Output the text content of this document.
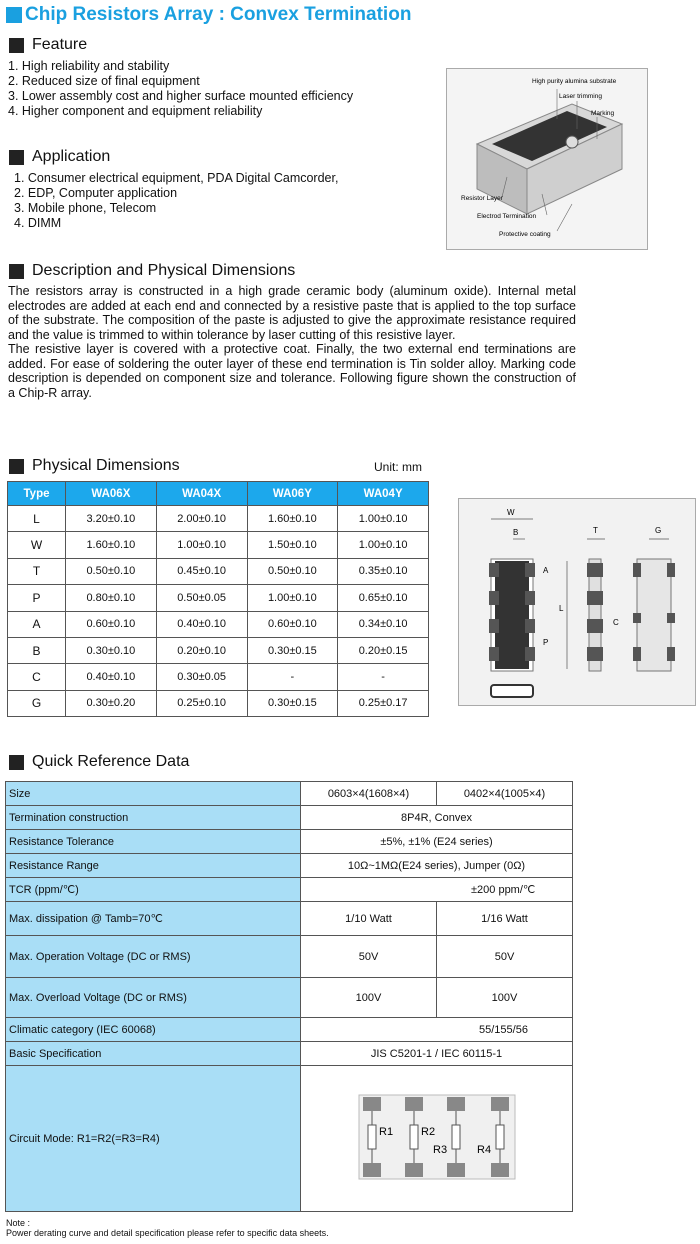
Chip Resistors Array : Convex Termination
Feature
1. High reliability and stability
2. Reduced size of final equipment
3. Lower assembly cost and higher surface mounted efficiency
4. Higher component and equipment reliability
High purity alumina substrate
Laser trimming
Marking
Resistor Layer
Electrod Termination
Protective coating
Application
1. Consumer electrical equipment, PDA Digital Camcorder,
2. EDP, Computer application
3. Mobile phone, Telecom
4. DIMM
Description and Physical Dimensions
The resistors array is constructed in a high grade ceramic body (aluminum oxide). Internal metal electrodes are added at each end and connected by a resistive paste that is applied to the top surface of the substrate. The composition of the paste is adjusted to give the approximate resistance required and the value is trimmed to within tolerance by laser cutting of this resistive layer.
The resistive layer is covered with a protective coat. Finally, the two external end terminations are added. For ease of soldering the outer layer of these end termination is Tin solder alloy. Marking code description is depended on component size and tolerance. Following figure shown the construction of a Chip-R array.
Physical Dimensions	Unit: mm
Type	WA06X	WA04X	WA06Y	WA04Y
L	3.20±0.10	2.00±0.10	1.60±0.10	1.00±0.10
W	1.60±0.10	1.00±0.10	1.50±0.10	1.00±0.10
T	0.50±0.10	0.45±0.10	0.50±0.10	0.35±0.10
P	0.80±0.10	0.50±0.05	1.00±0.10	0.65±0.10
A	0.60±0.10	0.40±0.10	0.60±0.10	0.34±0.10
B	0.30±0.10	0.20±0.10	0.30±0.15	0.20±0.15
C	0.40±0.10	0.30±0.05	-	-
G	0.30±0.20	0.25±0.10	0.30±0.15	0.25±0.17
W
B	T	G
A
L
C
P
Quick Reference Data
Size	0603×4(1608×4)	0402×4(1005×4)
Termination construction	8P4R, Convex	
Resistance Tolerance	±5%, ±1% (E24 series)	
Resistance Range	10Ω~1MΩ(E24 series), Jumper (0Ω)	
TCR (ppm/℃)	±200 ppm/℃	
Max. dissipation @ Tamb=70℃	1/10 Watt	1/16 Watt
Max. Operation Voltage (DC or RMS)	50V	50V
Max. Overload Voltage (DC or RMS)	100V	100V
Climatic category (IEC 60068)	55/155/56	
Basic Specification	JIS C5201-1 / IEC 60115-1	
Circuit Mode: R1=R2(=R3=R4)	R1 R2
R3 R4	
Note :
Power derating curve and detail specification please refer to specific data sheets.
